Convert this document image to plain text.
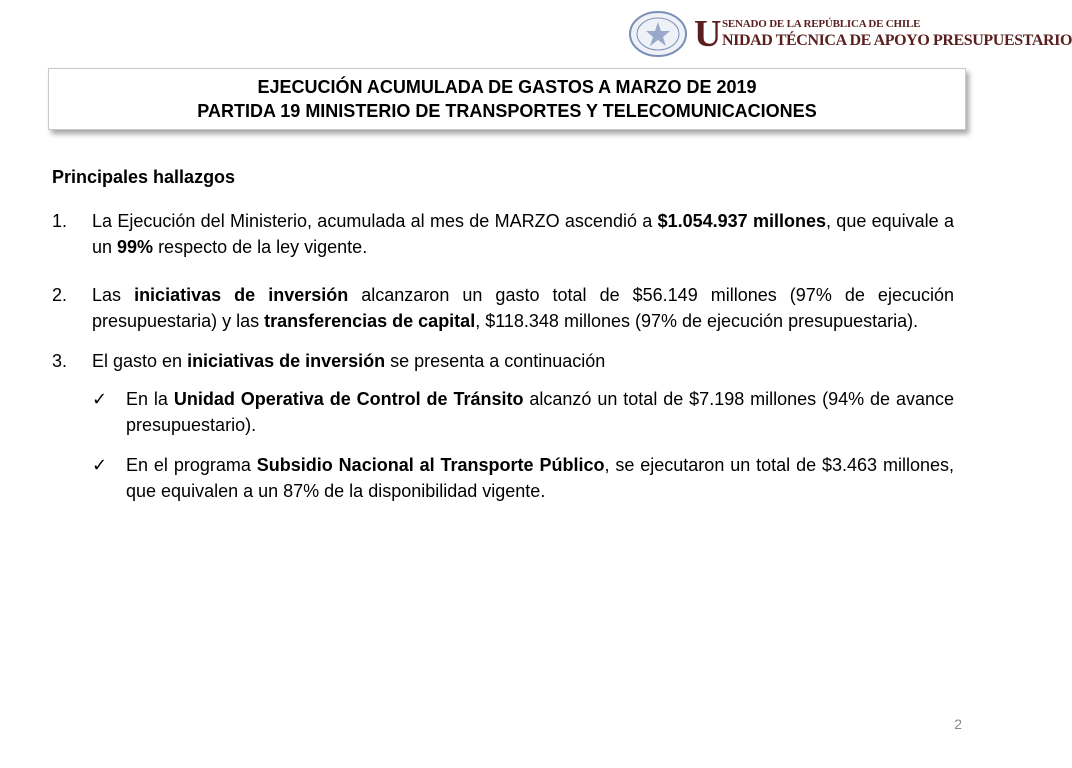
U SENADO DE LA REPÚBLICA DE CHILE
NIDAD TÉCNICA DE APOYO PRESUPUESTARIO
EJECUCIÓN ACUMULADA DE GASTOS A MARZO DE 2019
PARTIDA 19 MINISTERIO DE TRANSPORTES Y TELECOMUNICACIONES
Principales hallazgos
1.	La Ejecución del Ministerio, acumulada al mes de MARZO ascendió a $1.054.937 millones, que equivale a un 99% respecto de la ley vigente.
2.	Las iniciativas de inversión alcanzaron un gasto total de $56.149 millones (97% de ejecución presupuestaria) y las transferencias de capital, $118.348 millones (97% de ejecución presupuestaria).
3.	El gasto en iniciativas de inversión se presenta a continuación
✓	En la Unidad Operativa de Control de Tránsito alcanzó un total de $7.198 millones (94% de avance presupuestario).
✓	En el programa Subsidio Nacional al Transporte Público, se ejecutaron un total de $3.463 millones, que equivalen a un 87% de la disponibilidad vigente.
2
